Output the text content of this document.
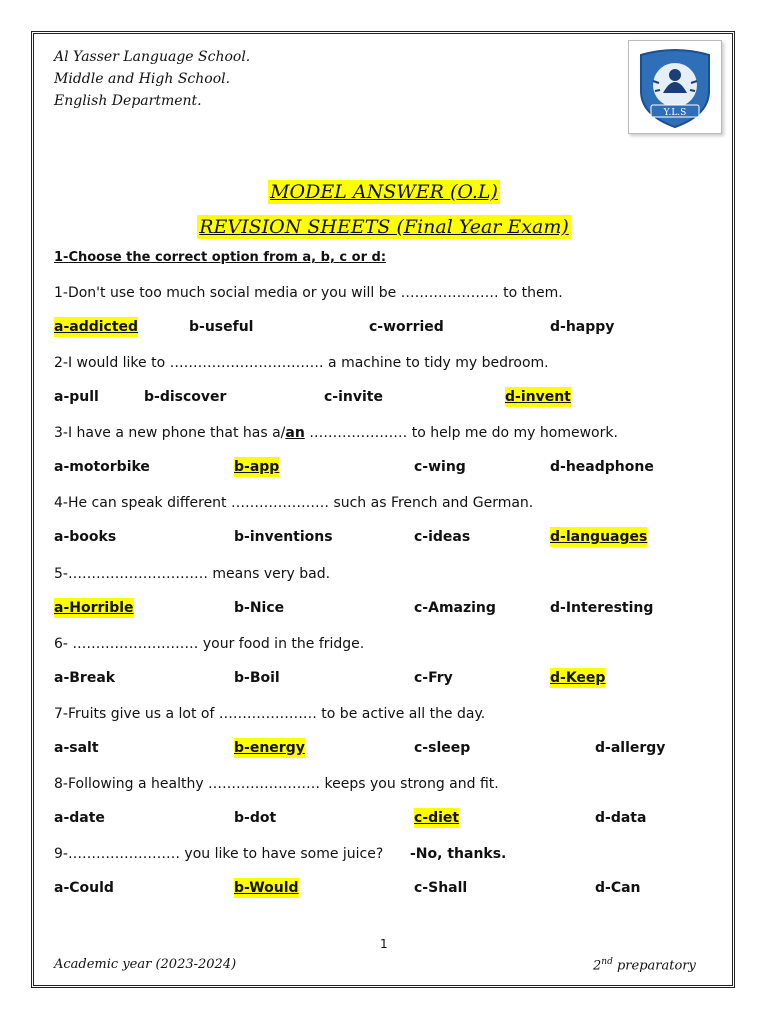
Al Yasser Language School.
Middle and High School.
English Department.
Y.L.S
MODEL ANSWER (O.L)
REVISION SHEETS (Final Year Exam)
1-Choose the correct option from a, b, c or d:
1-Don't use too much social media or you will be ………………… to them.
a-addicted	b-useful	c-worried	d-happy
2-I would like to …………………………… a machine to tidy my bedroom.
a-pull	b-discover	c-invite	d-invent
3-I have a new phone that has a/an ………………… to help me do my homework.
a-motorbike	b-app	c-wing	d-headphone
4-He can speak different ………………… such as French and German.
a-books	b-inventions	c-ideas	d-languages
5-………………………… means very bad.
a-Horrible	b-Nice	c-Amazing	d-Interesting
6- ……………………… your food in the fridge.
a-Break	b-Boil	c-Fry	d-Keep
7-Fruits give us a lot of ………………… to be active all the day.
a-salt	b-energy	c-sleep	d-allergy
8-Following a healthy …………………… keeps you strong and fit.
a-date	b-dot	c-diet	d-data
9-…………………… you like to have some juice? -No, thanks.
a-Could	b-Would	c-Shall	d-Can
1
Academic year (2023-2024)	2nd preparatory
